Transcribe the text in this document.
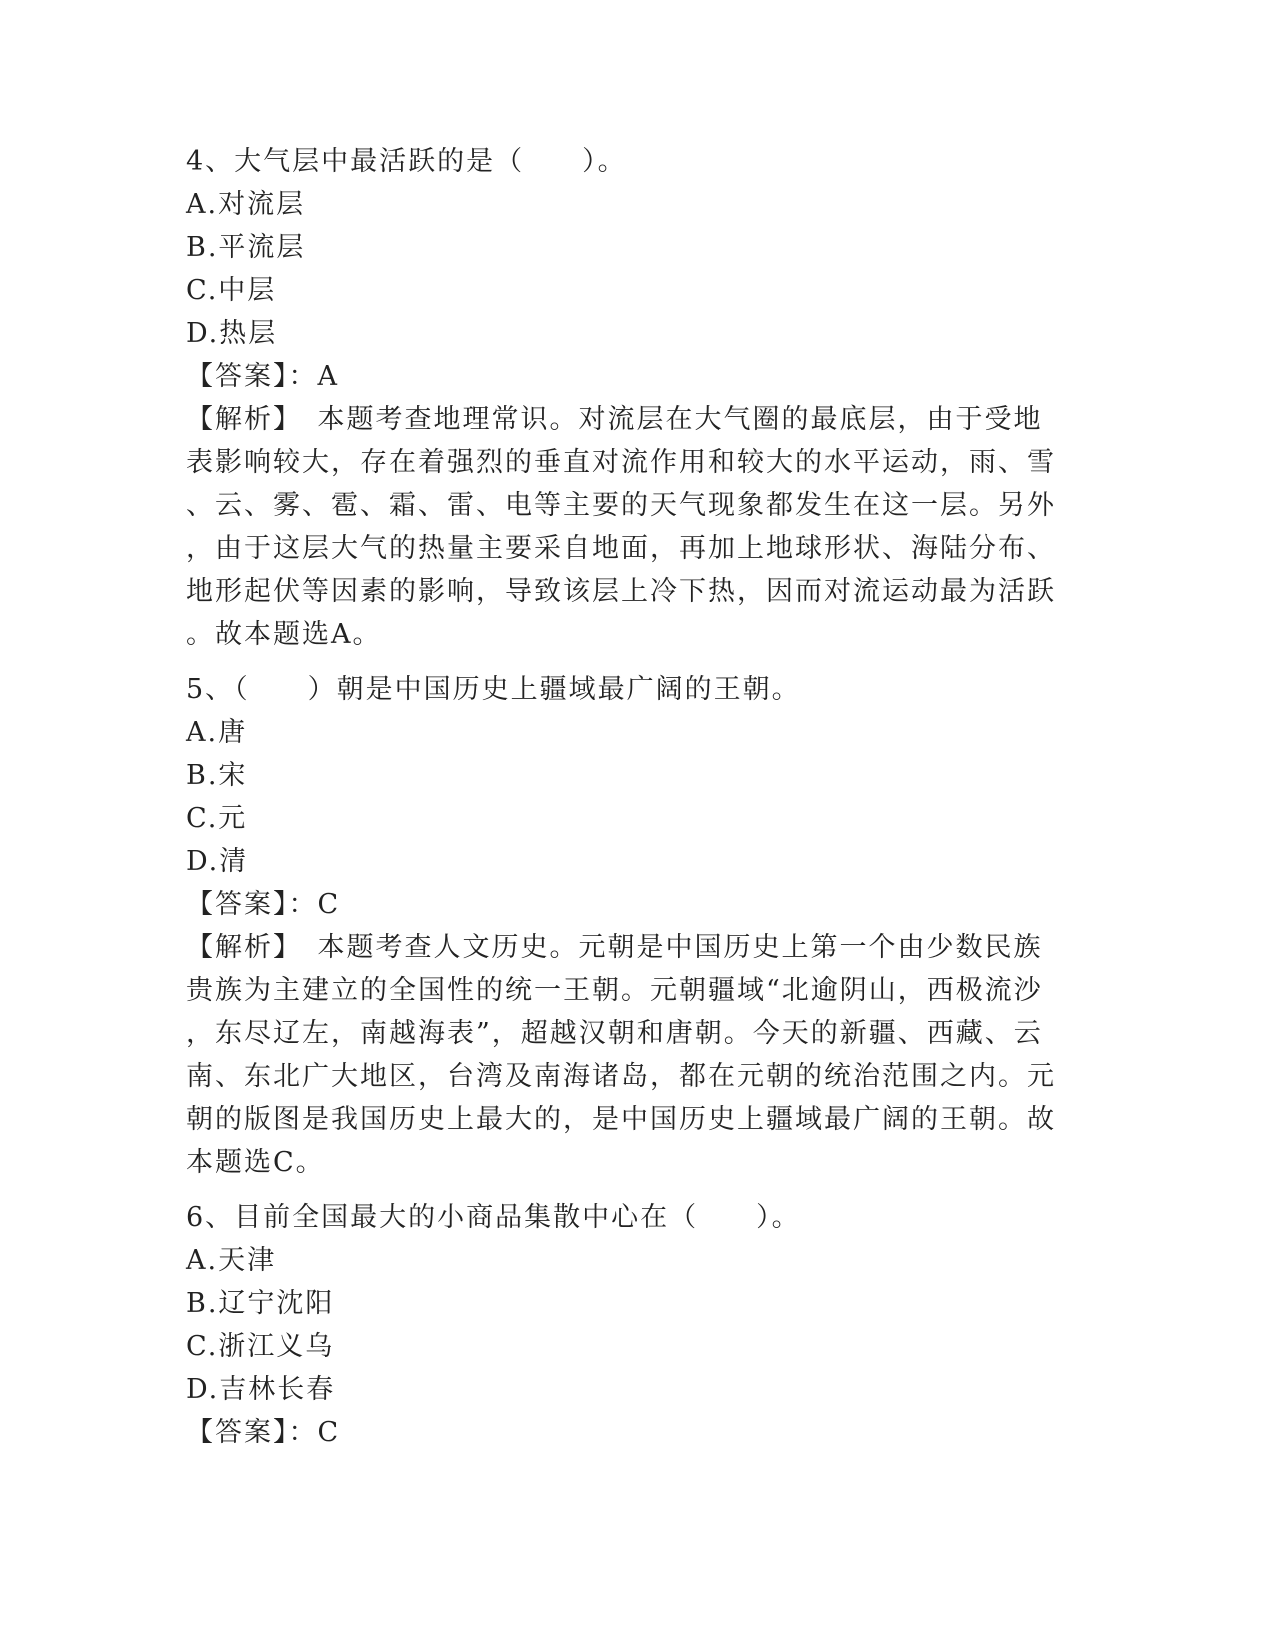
4、大气层中最活跃的是（　　）。
A.对流层
B.平流层
C.中层
D.热层
【答案】：A
【解析】　本题考查地理常识。对流层在大气圈的最底层，由于受地
表影响较大，存在着强烈的垂直对流作用和较大的水平运动，雨、雪
、云、雾、雹、霜、雷、电等主要的天气现象都发生在这一层。另外
，由于这层大气的热量主要采自地面，再加上地球形状、海陆分布、
地形起伏等因素的影响，导致该层上冷下热，因而对流运动最为活跃
。故本题选A。
5、（　　）朝是中国历史上疆域最广阔的王朝。
A.唐
B.宋
C.元
D.清
【答案】：C
【解析】　本题考查人文历史。元朝是中国历史上第一个由少数民族
贵族为主建立的全国性的统一王朝。元朝疆域“北逾阴山，西极流沙
，东尽辽左，南越海表”，超越汉朝和唐朝。今天的新疆、西藏、云
南、东北广大地区，台湾及南海诸岛，都在元朝的统治范围之内。元
朝的版图是我国历史上最大的，是中国历史上疆域最广阔的王朝。故
本题选C。
6、目前全国最大的小商品集散中心在（　　）。
A.天津
B.辽宁沈阳
C.浙江义乌
D.吉林长春
【答案】：C
